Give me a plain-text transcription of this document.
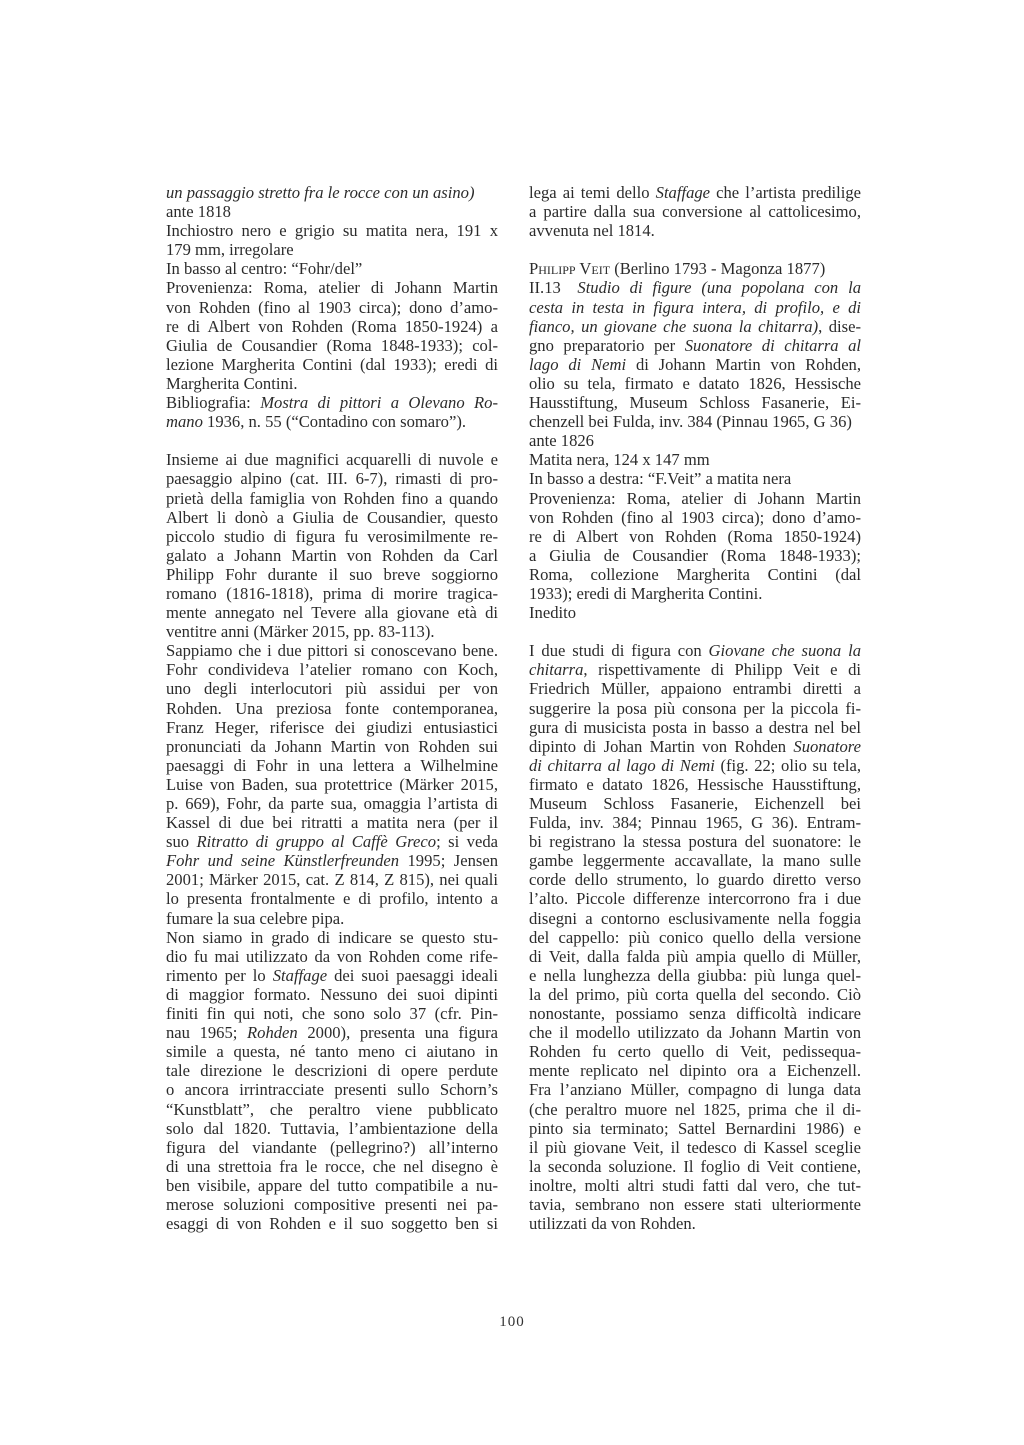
un passaggio stretto fra le rocce con un asino)
ante 1818
Inchiostro nero e grigio su matita nera, 191 x
179 mm, irregolare
In basso al centro: “Fohr/del”
Provenienza: Roma, atelier di Johann Martin
von Rohden (fino al 1903 circa); dono d’amo-
re di Albert von Rohden (Roma 1850-1924) a
Giulia de Cousandier (Roma 1848-1933); col-
lezione Margherita Contini (dal 1933); eredi di
Margherita Contini.
Bibliografia: Mostra di pittori a Olevano Ro-
mano 1936, n. 55 (“Contadino con somaro”).
Insieme ai due magnifici acquarelli di nuvole e
paesaggio alpino (cat. III. 6-7), rimasti di pro-
prietà della famiglia von Rohden fino a quando
Albert li donò a Giulia de Cousandier, questo
piccolo studio di figura fu verosimilmente re-
galato a Johann Martin von Rohden da Carl
Philipp Fohr durante il suo breve soggiorno
romano (1816-1818), prima di morire tragica-
mente annegato nel Tevere alla giovane età di
ventitre anni (Märker 2015, pp. 83-113).
Sappiamo che i due pittori si conoscevano bene.
Fohr condivideva l’atelier romano con Koch,
uno degli interlocutori più assidui per von
Rohden. Una preziosa fonte contemporanea,
Franz Heger, riferisce dei giudizi entusiastici
pronunciati da Johann Martin von Rohden sui
paesaggi di Fohr in una lettera a Wilhelmine
Luise von Baden, sua protettrice (Märker 2015,
p. 669), Fohr, da parte sua, omaggia l’artista di
Kassel di due bei ritratti a matita nera (per il
suo Ritratto di gruppo al Caffè Greco; si veda
Fohr und seine Künstlerfreunden 1995; Jensen
2001; Märker 2015, cat. Z 814, Z 815), nei quali
lo presenta frontalmente e di profilo, intento a
fumare la sua celebre pipa.
Non siamo in grado di indicare se questo stu-
dio fu mai utilizzato da von Rohden come rife-
rimento per lo Staffage dei suoi paesaggi ideali
di maggior formato. Nessuno dei suoi dipinti
finiti fin qui noti, che sono solo 37 (cfr. Pin-
nau 1965; Rohden 2000), presenta una figura
simile a questa, né tanto meno ci aiutano in
tale direzione le descrizioni di opere perdute
o ancora irrintracciate presenti sullo Schorn’s
“Kunstblatt”, che peraltro viene pubblicato
solo dal 1820. Tuttavia, l’ambientazione della
figura del viandante (pellegrino?) all’interno
di una strettoia fra le rocce, che nel disegno è
ben visibile, appare del tutto compatibile a nu-
merose soluzioni compositive presenti nei pa-
esaggi di von Rohden e il suo soggetto ben si
lega ai temi dello Staffage che l’artista predilige
a partire dalla sua conversione al cattolicesimo,
avvenuta nel 1814.
Philipp Veit (Berlino 1793 - Magonza 1877)
II.13 Studio di figure (una popolana con la
cesta in testa in figura intera, di profilo, e di
fianco, un giovane che suona la chitarra), dise-
gno preparatorio per Suonatore di chitarra al
lago di Nemi di Johann Martin von Rohden,
olio su tela, firmato e datato 1826, Hessische
Hausstiftung, Museum Schloss Fasanerie, Ei-
chenzell bei Fulda, inv. 384 (Pinnau 1965, G 36)
ante 1826
Matita nera, 124 x 147 mm
In basso a destra: “F.Veit” a matita nera
Provenienza: Roma, atelier di Johann Martin
von Rohden (fino al 1903 circa); dono d’amo-
re di Albert von Rohden (Roma 1850-1924)
a Giulia de Cousandier (Roma 1848-1933);
Roma, collezione Margherita Contini (dal
1933); eredi di Margherita Contini.
Inedito
I due studi di figura con Giovane che suona la
chitarra, rispettivamente di Philipp Veit e di
Friedrich Müller, appaiono entrambi diretti a
suggerire la posa più consona per la piccola fi-
gura di musicista posta in basso a destra nel bel
dipinto di Johan Martin von Rohden Suonatore
di chitarra al lago di Nemi (fig. 22; olio su tela,
firmato e datato 1826, Hessische Hausstiftung,
Museum Schloss Fasanerie, Eichenzell bei
Fulda, inv. 384; Pinnau 1965, G 36). Entram-
bi registrano la stessa postura del suonatore: le
gambe leggermente accavallate, la mano sulle
corde dello strumento, lo guardo diretto verso
l’alto. Piccole differenze intercorrono fra i due
disegni a contorno esclusivamente nella foggia
del cappello: più conico quello della versione
di Veit, dalla falda più ampia quello di Müller,
e nella lunghezza della giubba: più lunga quel-
la del primo, più corta quella del secondo. Ciò
nonostante, possiamo senza difficoltà indicare
che il modello utilizzato da Johann Martin von
Rohden fu certo quello di Veit, pedissequa-
mente replicato nel dipinto ora a Eichenzell.
Fra l’anziano Müller, compagno di lunga data
(che peraltro muore nel 1825, prima che il di-
pinto sia terminato; Sattel Bernardini 1986) e
il più giovane Veit, il tedesco di Kassel sceglie
la seconda soluzione. Il foglio di Veit contiene,
inoltre, molti altri studi fatti dal vero, che tut-
tavia, sembrano non essere stati ulteriormente
utilizzati da von Rohden.
100
